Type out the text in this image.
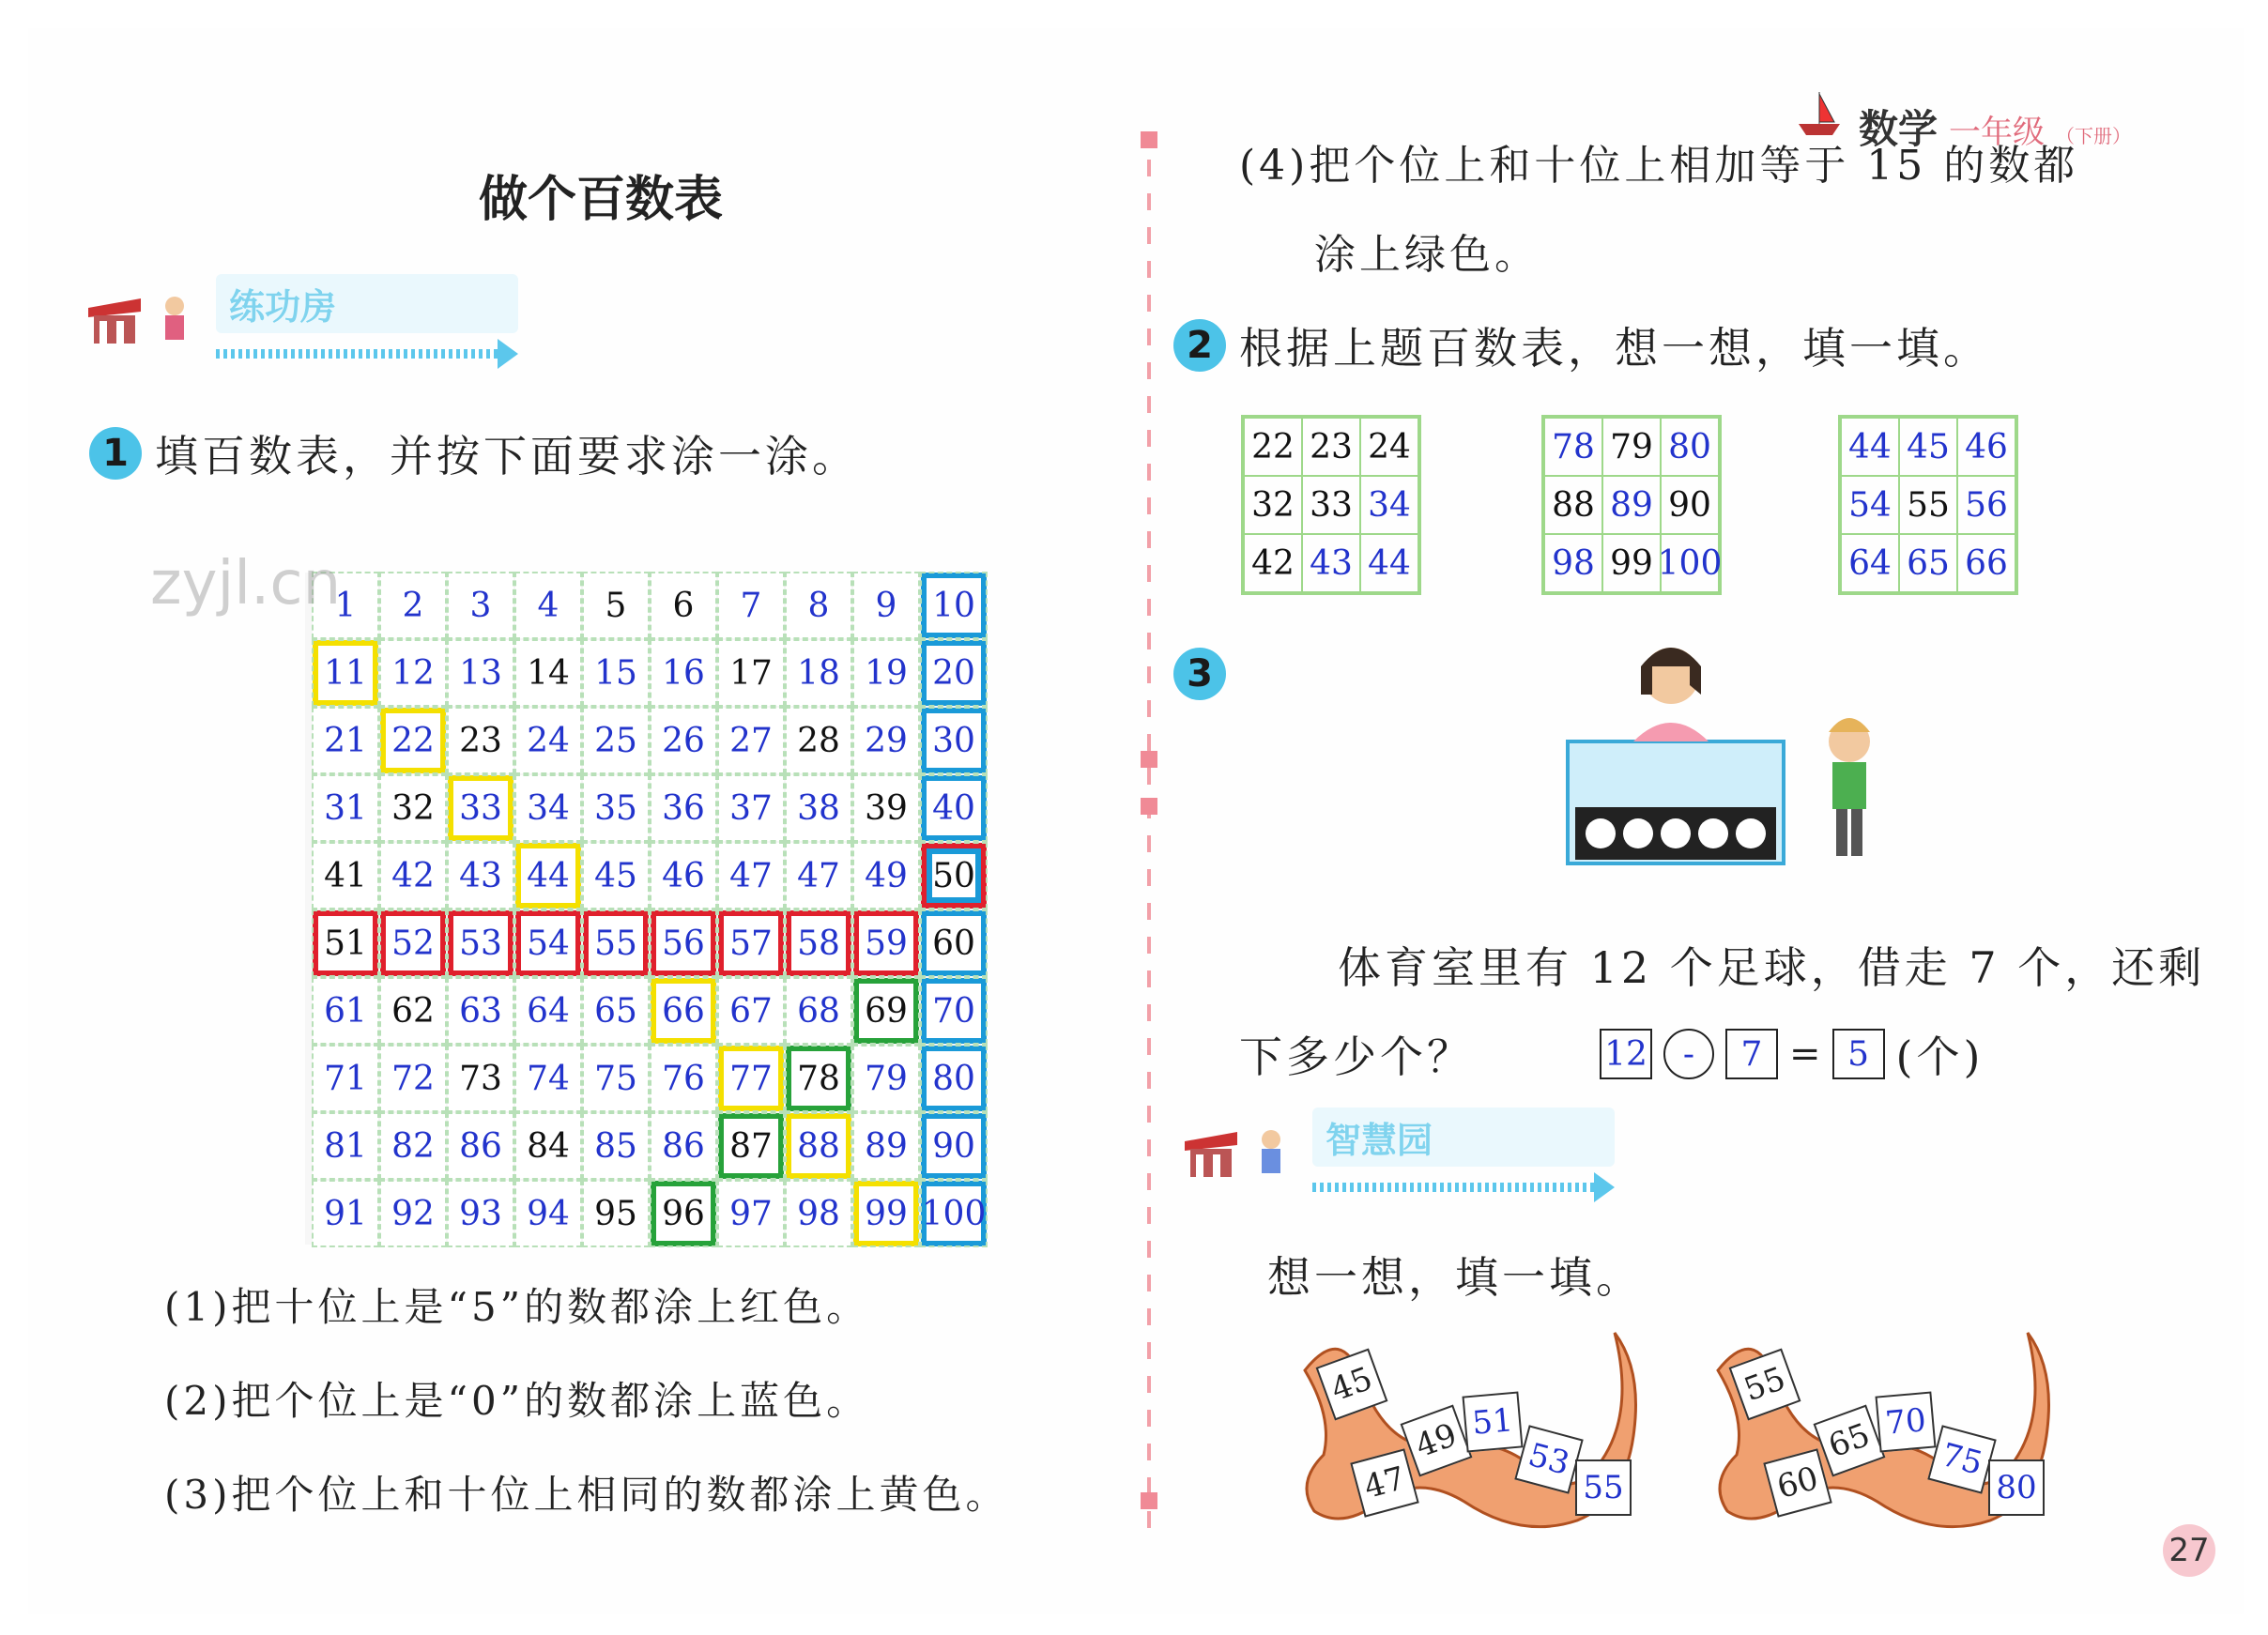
数学 一年级 （下册）
做个百数表
练功房
1 填百数表，并按下面要求涂一涂。
1	2	3	4	5	6	7	8	9	10
11 12 13 14 15 16 17 18 19 20
21 22 23 24 25 26 27 28 29 30
31 32 33 34 35 36 37 38 39 40
41 42 43 44 45 46 47 47 49 50
51 52 53 54 55 56 57 58 59 60
61 62 63 64 65 66 67 68 69 70
71 72 73 74 75 76 77 78 79 80
81 82 86 84 85 86 87 88 89 90
91 92 93 94 95 96 97 98 99 100
zyjl.cn
(1)把十位上是“5”的数都涂上红色。
(2)把个位上是“0”的数都涂上蓝色。
(3)把个位上和十位上相同的数都涂上黄色。
(4)把个位上和十位上相加等于 15 的数都
涂上绿色。
2 根据上题百数表，想一想，填一填。
22 23 24
32 33 34
42 43 44
78 79 80
88 89 90
98 99 100
44 45 46
54 55 56
64 65 66
3
体育室里有 12 个足球，借走 7 个，还剩
下多少个？	12	-	7 = 5 (个)
智慧园
想一想，填一填。
45
47
49 51
53
55
55
60
65 70
75
80
27
